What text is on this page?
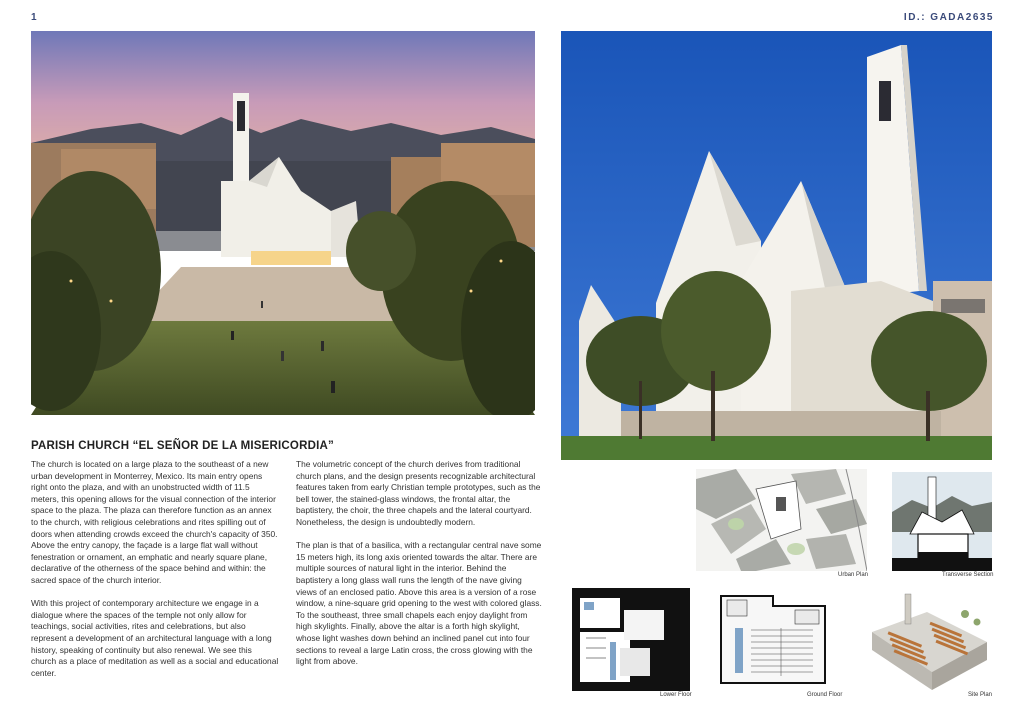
1	ID.: GADA2635
PARISH CHURCH “EL SEÑOR DE LA MISERICORDIA”

The church is located on a large plaza to the southeast of a new urban development in Monterrey, Mexico. Its main entry opens right onto the plaza, and with an unobstructed width of 11.5 meters, this opening allows for the visual connection of the interior space to the plaza. The plaza can therefore function as an annex to the church, with religious celebrations and rites spilling out of doors when attending crowds exceed the church's capacity of 350. Above the entry canopy, the façade is a large flat wall without fenestration or ornament, an emphatic and nearly square plane, declarative of the otherness of the space behind and within: the sacred space of the church interior.

With this project of contemporary architecture we engage in a dialogue where the spaces of the temple not only allow for teachings, social activities, rites and celebrations, but also represent a development of an architectural language with a long history, speaking of continuity but also renewal. We see this church as a place of meditation as well as a social and educational center.

The volumetric concept of the church derives from traditional church plans, and the design presents recognizable architectural features taken from early Christian temple prototypes, such as the bell tower, the stained-glass windows, the frontal altar, the baptistery, the choir, the three chapels and the lateral courtyard. Nonetheless, the design is undoubtedly modern.

The plan is that of a basilica, with a rectangular central nave some 15 meters high, its long axis oriented towards the altar. There are multiple sources of natural light in the interior. Behind the baptistery a long glass wall runs the length of the nave giving views of an enclosed patio. Above this area is a version of a rose window, a nine-square grid opening to the west with colored glass. To the southeast, three small chapels each enjoy daylight from high skylights. Finally, above the altar is a forth high skylight, whose light washes down behind an inclined panel cut into four sections to reveal a large Latin cross, the cross glowing with the light from above.

Urban Plan	Transverse Section
Lower Floor	Ground Floor	Site Plan
